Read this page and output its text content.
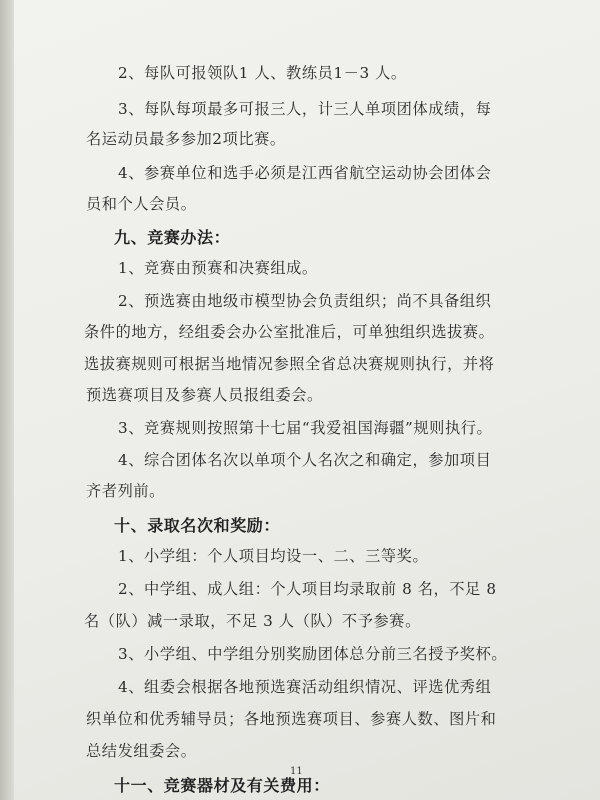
2、每队可报领队1 人、教练员1－3 人。
3、每队每项最多可报三人，计三人单项团体成绩，每
名运动员最多参加2项比赛。
4、参赛单位和选手必须是江西省航空运动协会团体会
员和个人会员。
九、竞赛办法：
1、竞赛由预赛和决赛组成。
2、预选赛由地级市模型协会负责组织；尚不具备组织
条件的地方，经组委会办公室批准后，可单独组织选拔赛。
选拔赛规则可根据当地情况参照全省总决赛规则执行，并将
预选赛项目及参赛人员报组委会。
3、竞赛规则按照第十七届“我爱祖国海疆”规则执行。
4、综合团体名次以单项个人名次之和确定，参加项目
齐者列前。
十、录取名次和奖励：
1、小学组：个人项目均设一、二、三等奖。
2、中学组、成人组：个人项目均录取前 8 名，不足 8
名（队）减一录取，不足 3 人（队）不予参赛。
3、小学组、中学组分别奖励团体总分前三名授予奖杯。
4、组委会根据各地预选赛活动组织情况、评选优秀组
织单位和优秀辅导员；各地预选赛项目、参赛人数、图片和
总结发组委会。
十一、竞赛器材及有关费用：
11
